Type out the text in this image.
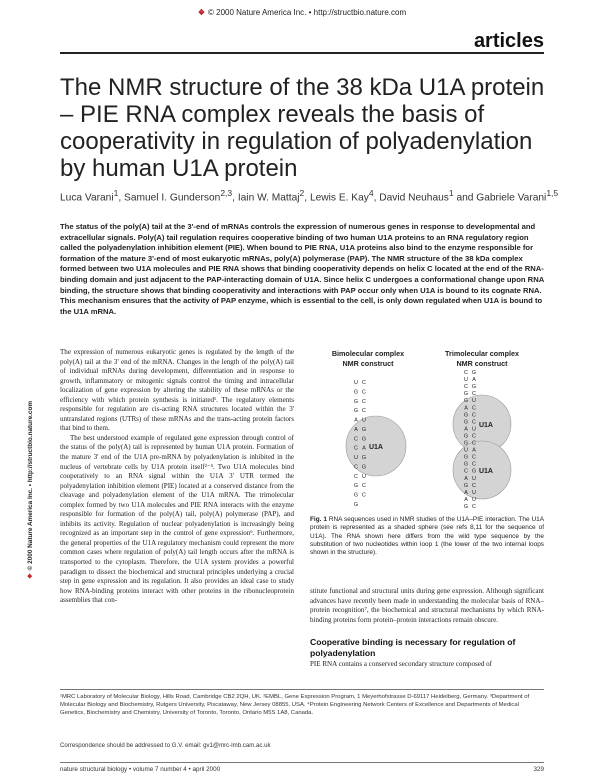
❖ © 2000 Nature America Inc. • http://structbio.nature.com
articles
❖© 2000 Nature America Inc. • http://structbio.nature.com
The NMR structure of the 38 kDa U1A protein – PIE RNA complex reveals the basis of cooperativity in regulation of polyadenylation by human U1A protein
Luca Varani$^1$, Samuel I. Gunderson$^{2,3}$, Iain W. Mattaj$^2$, Lewis E. Kay$^4$, David Neuhaus$^1$ and Gabriele Varani$^{1,5}$
The status of the poly(A) tail at the 3'-end of mRNAs controls the expression of numerous genes in response to developmental and extracellular signals. Poly(A) tail regulation requires cooperative binding of two human U1A proteins to an RNA regulatory region called the polyadenylation inhibition element (PIE). When bound to PIE RNA, U1A proteins also bind to the enzyme responsible for formation of the mature 3'-end of most eukaryotic mRNAs, poly(A) polymerase (PAP). The NMR structure of the 38 kDa complex formed between two U1A molecules and PIE RNA shows that binding cooperativity depends on helix C located at the end of the RNA-binding domain and just adjacent to the PAP-interacting domain of U1A. Since helix C undergoes a conformational change upon RNA binding, the structure shows that binding cooperativity and interactions with PAP occur only when U1A is bound to its cognate RNA. This mechanism ensures that the activity of PAP enzyme, which is essential to the cell, is only down regulated when U1A is bound to the U1A mRNA.

The expression of numerous eukaryotic genes is regulated by the length of the poly(A) tail at the 3' end of the mRNA. Changes in the length of the poly(A) tail of individual mRNAs during development, differentiation and in response to growth, inflammatory or mitogenic signals control the timing and intracellular localization of gene expression by altering the stability of these mRNAs or the efficiency with which protein synthesis is initiated¹. The regulatory elements responsible for regulation are cis-acting RNA structures located within the 3' untranslated regions (UTRs) of these mRNAs and the trans-acting protein factors that bind to them.

The best understood example of regulated gene expression through control of the status of the poly(A) tail is represented by human U1A protein. Formation of the mature 3' end of the U1A pre-mRNA by polyadenylation is inhibited in the nucleus of vertebrate cells by U1A protein itself²⁻⁵. Two U1A molecules bind cooperatively to an RNA signal within the U1A 3' UTR termed the polyadenylation inhibition element (PIE) located at a conserved distance from the cleavage and polyadenylation element of the U1A mRNA. The trimolecular complex formed by two U1A molecules and PIE RNA interacts with the enzyme responsible for formation of the poly(A) tail, poly(A) polymerase (PAP), and inhibits its activity. Regulation of nuclear polyadenylation is increasingly being recognized as an important step in the control of gene expression⁶. Furthermore, the general properties of the U1A regulatory mechanism could represent the more common cases where regulation of poly(A) tail length occurs after the mRNA is transported to the cytoplasm. Therefore, the U1A system provides a powerful paradigm to dissect the biochemical and structural principles underlying a crucial step in gene expression and its regulation. It also provides an ideal case to study how RNA-binding proteins interact with other proteins in the ribonucleoprotein assemblies that con-

Bimolecular complex
NMR construct
Trimolecular complex
NMR construct
U1A
U1A
U1A
U C
G C
G C
G C
A U
A G
C G
C A
U G
C G
C U
G C
G C
G
C G
U A
C G
G C
G U
A C
G C
G C
A U
G C
G C
U A
G C
G C
C G
A U
G C
A U
A U
G C
Fig. 1 RNA sequences used in NMR studies of the U1A–PIE interaction. The U1A protein is represented as a shaded sphere (see refs 8,11 for the sequence of U1A). The RNA shown here differs from the wild type sequence by the substitution of two nucleotides within loop 1 (the lower of the two internal loops shown in the structure).
stitute functional and structural units during gene expression. Although significant advances have recently been made in understanding the molecular basis of RNA–protein recognition⁷, the biochemical and structural mechanisms by which RNA-binding proteins form protein–protein interactions remain obscure.
Cooperative binding is necessary for regulation of polyadenylation
PIE RNA contains a conserved secondary structure composed of
¹MRC Laboratory of Molecular Biology, Hills Road, Cambridge CB2 2QH, UK. ²EMBL, Gene Expression Program, 1 Meyerhofstrasse D-69117 Heidelberg, Germany. ³Department of Molecular Biology and Biochemistry, Rutgers University, Piscataway, New Jersey 08855, USA. ⁴Protein Engineering Network Centers of Excellence and Departments of Medical Genetics, Biochemistry and Chemistry, University of Toronto, Toronto, Ontario M5S 1A8, Canada.
Correspondence should be addressed to G.V. email: gv1@mrc-lmb.cam.ac.uk
nature structural biology • volume 7 number 4 • april 2000	329
